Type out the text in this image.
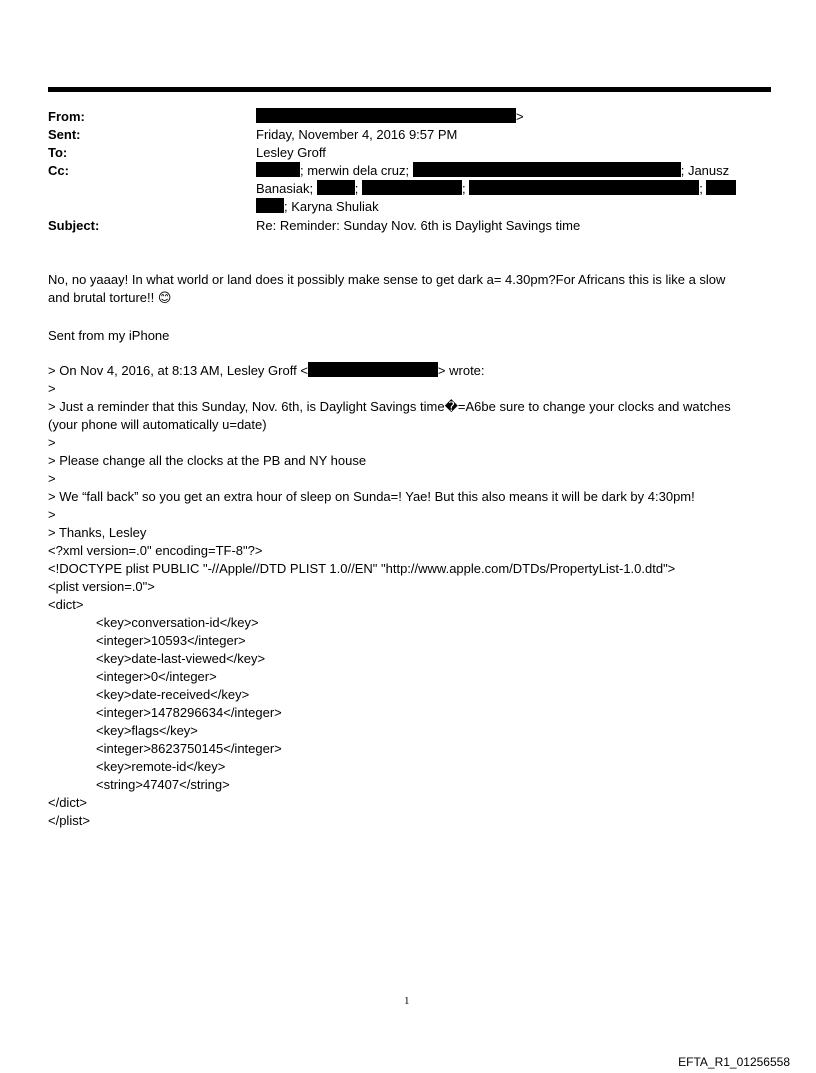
From:	>
Sent:	Friday, November 4, 2016 9:57 PM
To:	Lesley Groff
Cc:	; merwin dela cruz;	; Janusz
Banasiak;	;	;	;
; Karyna Shuliak
Subject:	Re: Reminder: Sunday Nov. 6th is Daylight Savings time
No, no yaaay! In what world or land does it possibly make sense to get dark a= 4.30pm?For Africans this is like a slow
and brutal torture!! 😊
Sent from my iPhone
> On Nov 4, 2016, at 8:13 AM, Lesley Groff <	> wrote:
>
> Just a reminder that this Sunday, Nov. 6th, is Daylight Savings time�=A6be sure to change your clocks and watches
(your phone will automatically u=date)
>
> Please change all the clocks at the PB and NY house
>
> We “fall back” so you get an extra hour of sleep on Sunda=! Yae! But this also means it will be dark by 4:30pm!
>
> Thanks, Lesley
<?xml version=.0" encoding=TF-8"?>
<!DOCTYPE plist PUBLIC "-//Apple//DTD PLIST 1.0//EN" "http://www.apple.com/DTDs/PropertyList-1.0.dtd">
<plist version=.0">
<dict>
<key>conversation-id</key>
<integer>10593</integer>
<key>date-last-viewed</key>
<integer>0</integer>
<key>date-received</key>
<integer>1478296634</integer>
<key>flags</key>
<integer>8623750145</integer>
<key>remote-id</key>
<string>47407</string>
</dict>
</plist>
1
EFTA_R1_01256558
